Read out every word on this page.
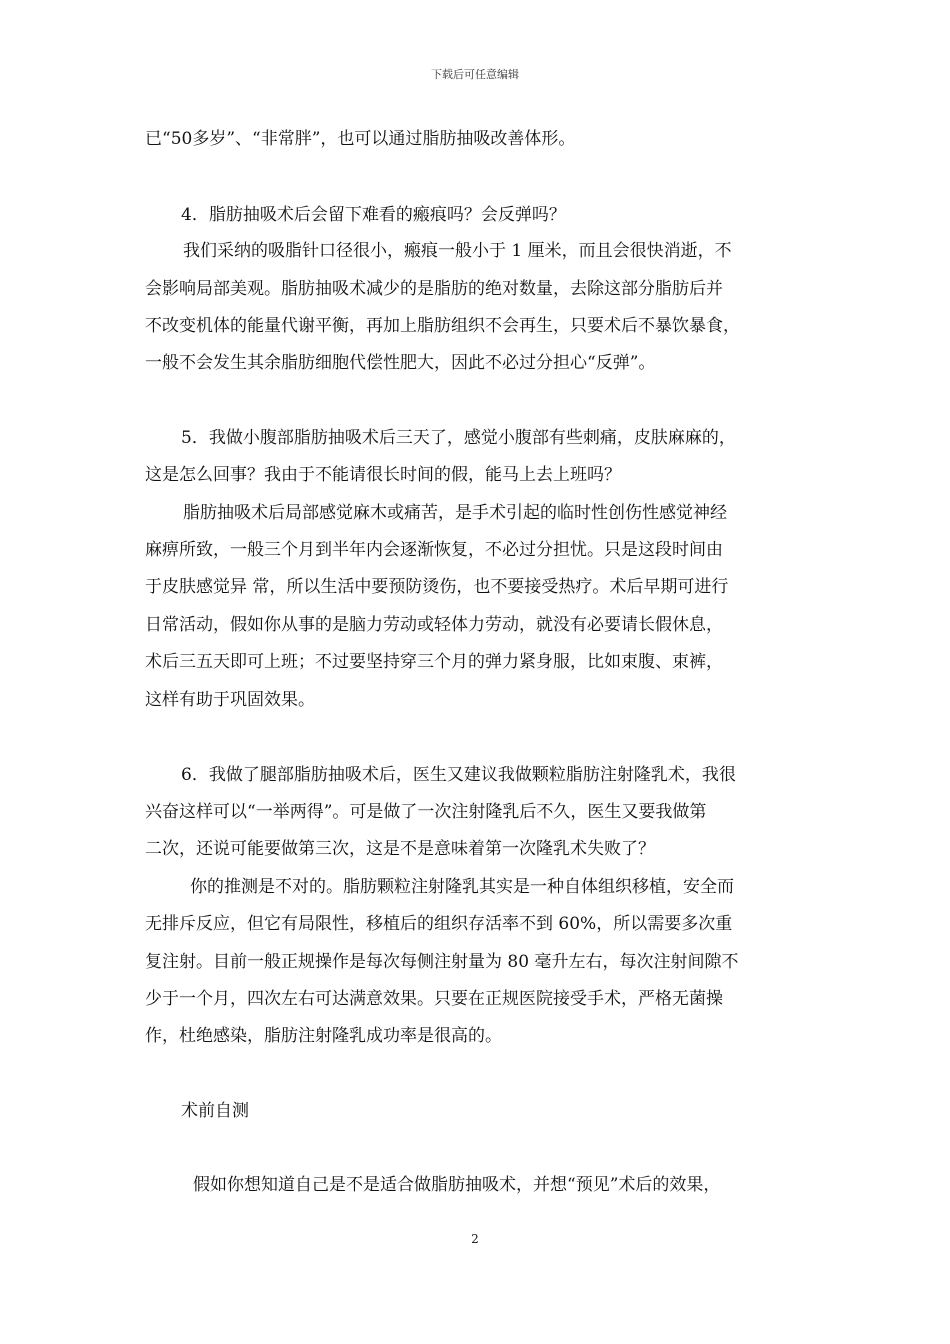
下载后可任意编辑
已“50多岁”、“非常胖”，也可以通过脂肪抽吸改善体形。
4．脂肪抽吸术后会留下难看的瘢痕吗？会反弹吗？
我们采纳的吸脂针口径很小，瘢痕一般小于 1 厘米，而且会很快消逝，不
会影响局部美观。脂肪抽吸术减少的是脂肪的绝对数量，去除这部分脂肪后并
不改变机体的能量代谢平衡，再加上脂肪组织不会再生，只要术后不暴饮暴食，
一般不会发生其余脂肪细胞代偿性肥大，因此不必过分担心“反弹”。
5．我做小腹部脂肪抽吸术后三天了，感觉小腹部有些刺痛，皮肤麻麻的，
这是怎么回事？我由于不能请很长时间的假，能马上去上班吗？
脂肪抽吸术后局部感觉麻木或痛苦，是手术引起的临时性创伤性感觉神经
麻痹所致，一般三个月到半年内会逐渐恢复，不必过分担忧。只是这段时间由
于皮肤感觉异 常，所以生活中要预防烫伤，也不要接受热疗。术后早期可进行
日常活动，假如你从事的是脑力劳动或轻体力劳动，就没有必要请长假休息，
术后三五天即可上班；不过要坚持穿三个月的弹力紧身服，比如束腹、束裤，
这样有助于巩固效果。
6．我做了腿部脂肪抽吸术后，医生又建议我做颗粒脂肪注射隆乳术，我很
兴奋这样可以“一举两得”。可是做了一次注射隆乳后不久，医生又要我做第
二次，还说可能要做第三次，这是不是意味着第一次隆乳术失败了？
你的推测是不对的。脂肪颗粒注射隆乳其实是一种自体组织移植，安全而
无排斥反应，但它有局限性，移植后的组织存活率不到 60%，所以需要多次重
复注射。目前一般正规操作是每次每侧注射量为 80 毫升左右，每次注射间隙不
少于一个月，四次左右可达满意效果。只要在正规医院接受手术，严格无菌操
作，杜绝感染，脂肪注射隆乳成功率是很高的。
术前自测
假如你想知道自己是不是适合做脂肪抽吸术，并想“预见”术后的效果，
2
